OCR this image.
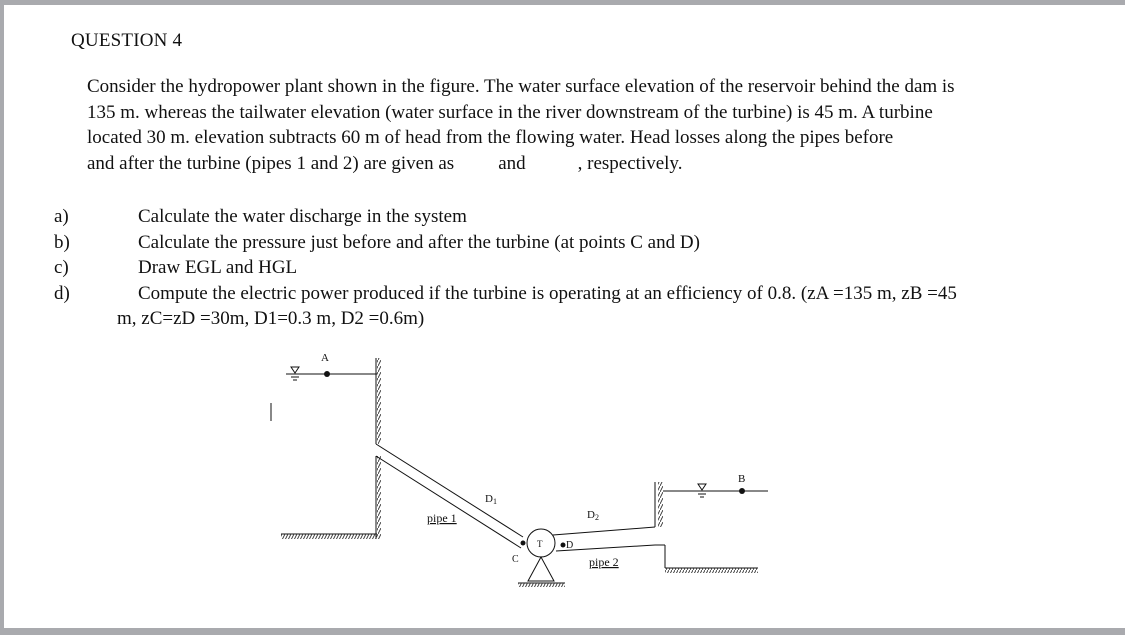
QUESTION 4
Consider the hydropower plant shown in the figure. The water surface elevation of the reservoir behind the dam is
135 m. whereas the tailwater elevation (water surface in the river downstream of the turbine) is 45 m. A turbine
located 30 m. elevation subtracts 60 m of head from the flowing water. Head losses along the pipes before
and after the turbine (pipes 1 and 2) are given as and	, respectively.
a)	Calculate the water discharge in the system
b)	Calculate the pressure just before and after the turbine (at points C and D)
c)	Draw EGL and HGL
d)	Compute the electric power produced if the turbine is operating at an efficiency of 0.8. (zA =135 m, zB =45
m, zC=zD =30m, D1=0.3 m, D2 =0.6m)
A
T
C
D
B
D1
D2
pipe 1
pipe 2
